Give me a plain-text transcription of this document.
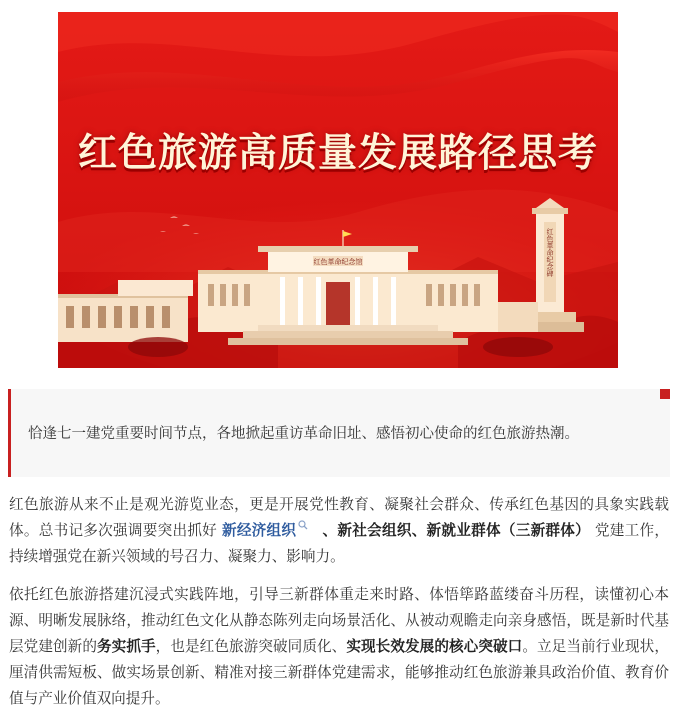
红色革命纪念馆	红色革命纪念碑
红色旅游高质量发展路径思考
恰逢七一建党重要时间节点，各地掀起重访革命旧址、感悟初心使命的红色旅游热潮。
红色旅游从来不止是观光游览业态，更是开展党性教育、凝聚社会群众、传承红色基因的具象实践载体。总书记多次强调要突出抓好 新经济组织 、新社会组织、新就业群体（三新群体） 党建工作，持续增强党在新兴领域的号召力、凝聚力、影响力。
依托红色旅游搭建沉浸式实践阵地，引导三新群体重走来时路、体悟筚路蓝缕奋斗历程，读懂初心本源、明晰发展脉络，推动红色文化从静态陈列走向场景活化、从被动观瞻走向亲身感悟，既是新时代基层党建创新的务实抓手，也是红色旅游突破同质化、实现长效发展的核心突破口。立足当前行业现状，厘清供需短板、做实场景创新、精准对接三新群体党建需求，能够推动红色旅游兼具政治价值、教育价值与产业价值双向提升。
